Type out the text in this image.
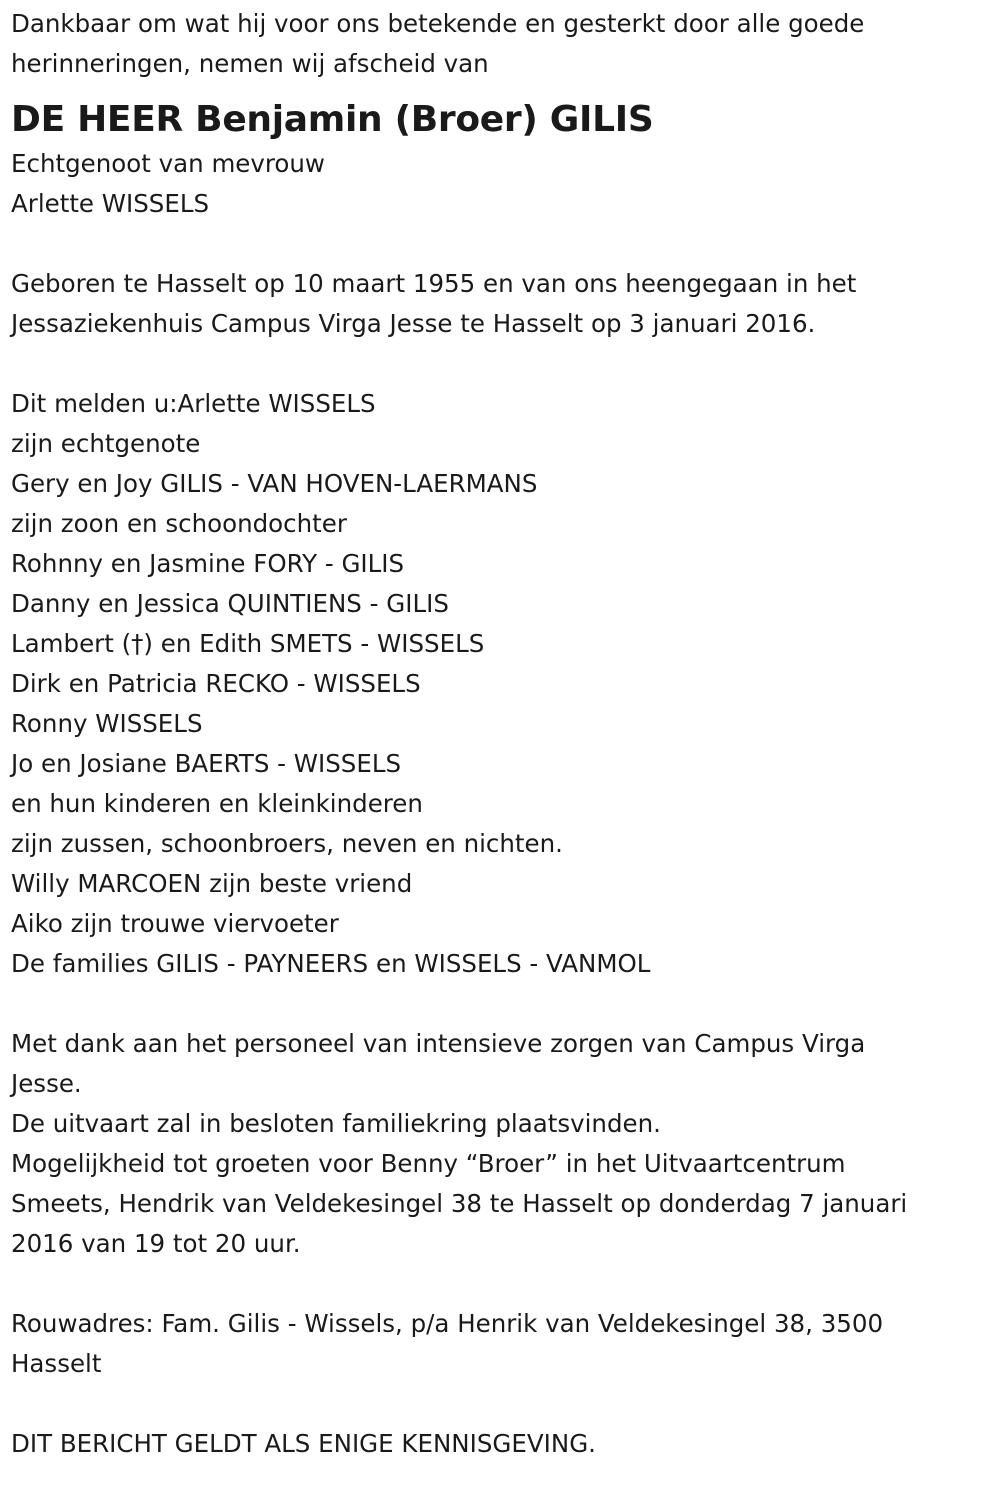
Dankbaar om wat hij voor ons betekende en gesterkt door alle goede

herinneringen, nemen wij afscheid van

DE HEER Benjamin (Broer) GILIS

Echtgenoot van mevrouw

Arlette WISSELS

Geboren te Hasselt op 10 maart 1955 en van ons heengegaan in het

Jessaziekenhuis Campus Virga Jesse te Hasselt op 3 januari 2016.

Dit melden u:Arlette WISSELS

zijn echtgenote

Gery en Joy GILIS - VAN HOVEN-LAERMANS

zijn zoon en schoondochter

Rohnny en Jasmine FORY - GILIS

Danny en Jessica QUINTIENS - GILIS

Lambert (†) en Edith SMETS - WISSELS

Dirk en Patricia RECKO - WISSELS

Ronny WISSELS

Jo en Josiane BAERTS - WISSELS

en hun kinderen en kleinkinderen

zijn zussen, schoonbroers, neven en nichten.

Willy MARCOEN zijn beste vriend

Aiko zijn trouwe viervoeter

De families GILIS - PAYNEERS en WISSELS - VANMOL

Met dank aan het personeel van intensieve zorgen van Campus Virga

Jesse.

De uitvaart zal in besloten familiekring plaatsvinden.

Mogelijkheid tot groeten voor Benny “Broer” in het Uitvaartcentrum

Smeets, Hendrik van Veldekesingel 38 te Hasselt op donderdag 7 januari

2016 van 19 tot 20 uur.

Rouwadres: Fam. Gilis - Wissels, p/a Henrik van Veldekesingel 38, 3500

Hasselt

DIT BERICHT GELDT ALS ENIGE KENNISGEVING.
